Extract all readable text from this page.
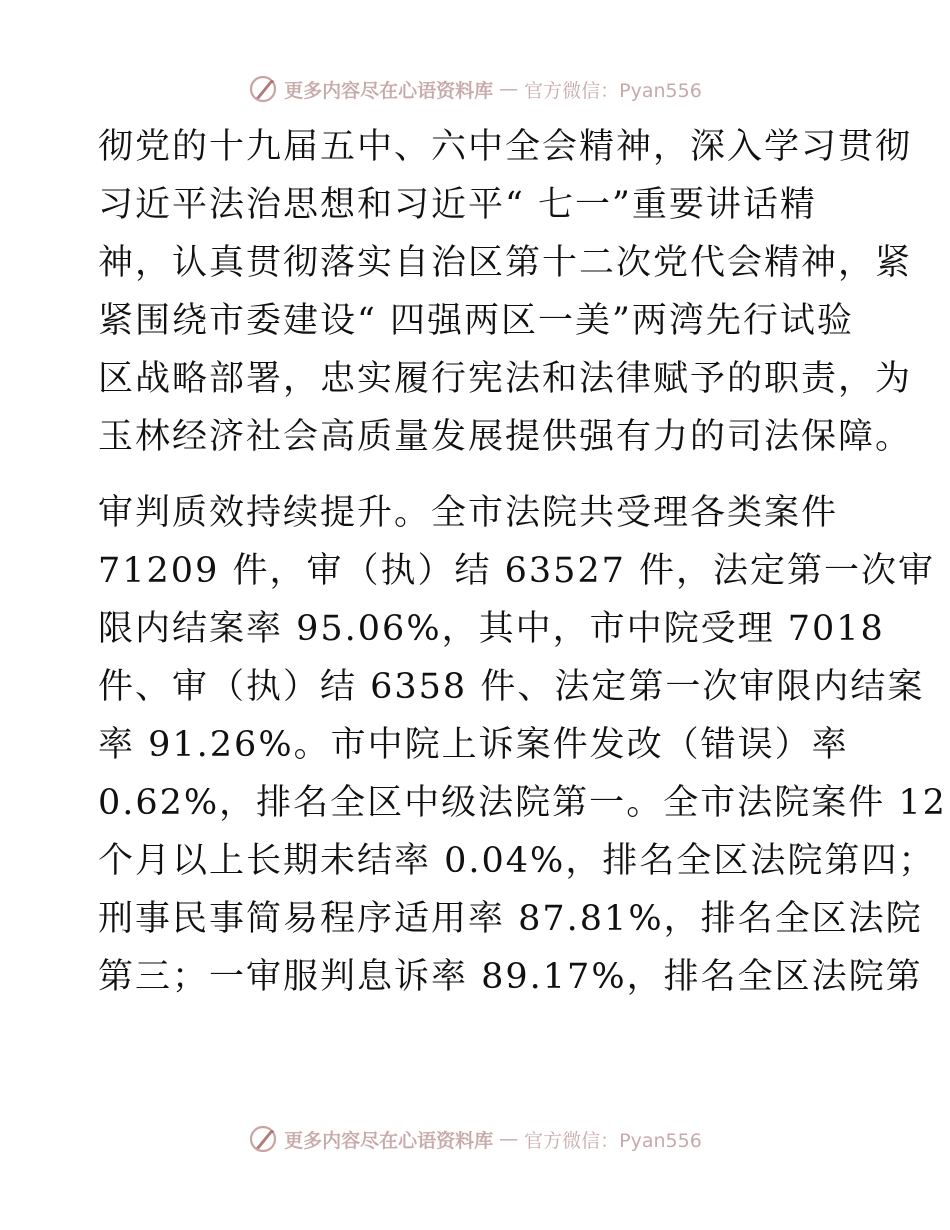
更多内容尽在心语资料库 — 官方微信：Pyan556
彻党的十九届五中、六中全会精神，深入学习贯彻
习近平法治思想和习近平“ 七一”重要讲话精
神，认真贯彻落实自治区第十二次党代会精神，紧
紧围绕市委建设“ 四强两区一美”两湾先行试验
区战略部署，忠实履行宪法和法律赋予的职责，为
玉林经济社会高质量发展提供强有力的司法保障。
审判质效持续提升。全市法院共受理各类案件
71209 件，审（执）结 63527 件，法定第一次审
限内结案率 95.06%，其中，市中院受理 7018
件、审（执）结 6358 件、法定第一次审限内结案
率 91.26%。市中院上诉案件发改（错误）率
0.62%，排名全区中级法院第一。全市法院案件 12
个月以上长期未结率 0.04%，排名全区法院第四；
刑事民事简易程序适用率 87.81%，排名全区法院
第三；一审服判息诉率 89.17%，排名全区法院第
更多内容尽在心语资料库 — 官方微信：Pyan556
